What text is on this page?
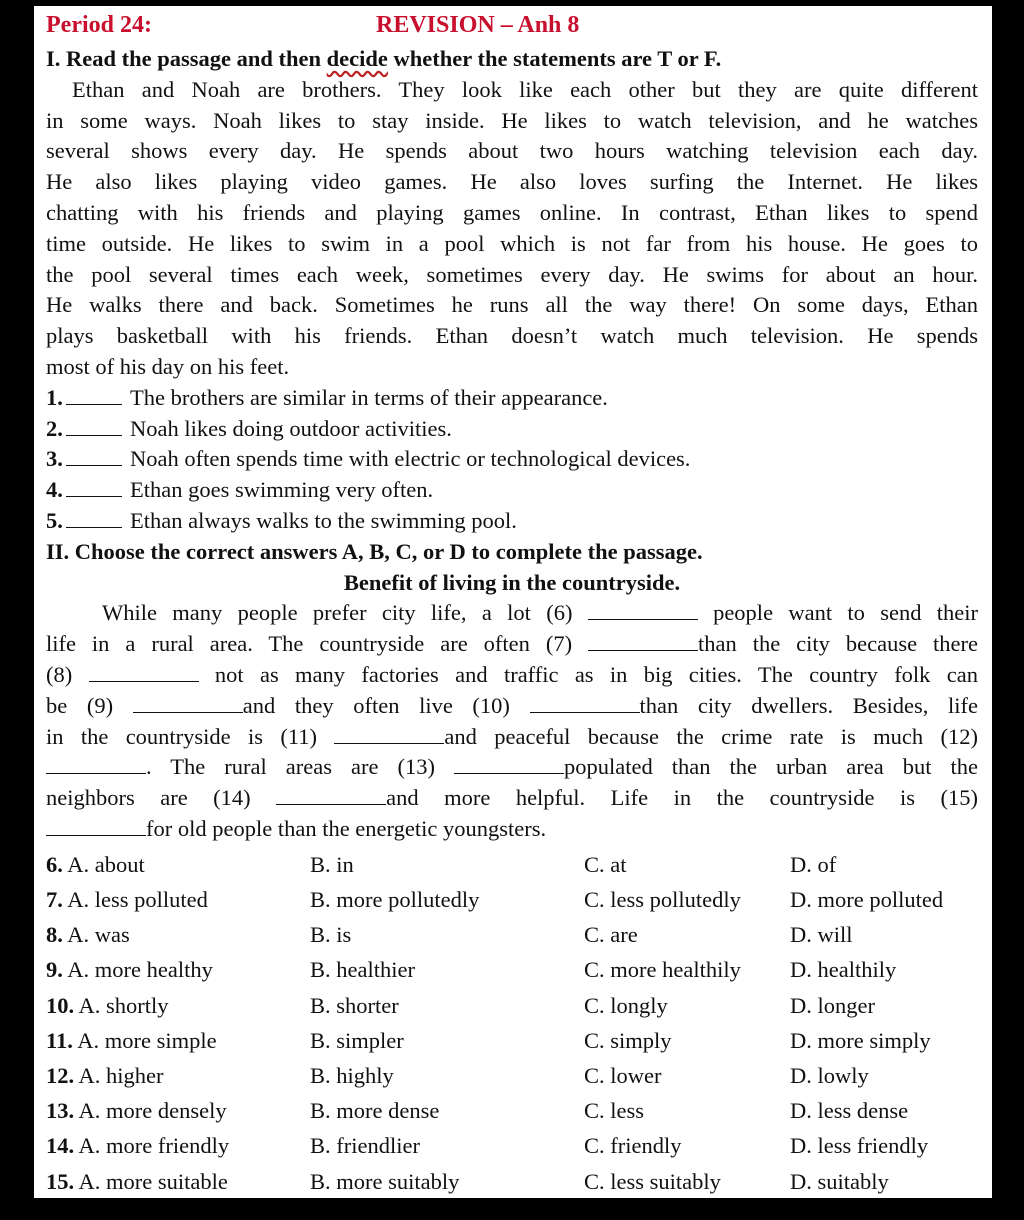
Period 24:	REVISION – Anh 8
I. Read the passage and then decide whether the statements are T or F.
Ethan and Noah are brothers. They look like each other but they are quite different
in some ways. Noah likes to stay inside. He likes to watch television, and he watches
several shows every day. He spends about two hours watching television each day.
He also likes playing video games. He also loves surfing the Internet. He likes
chatting with his friends and playing games online. In contrast, Ethan likes to spend
time outside. He likes to swim in a pool which is not far from his house. He goes to
the pool several times each week, sometimes every day. He swims for about an hour.
He walks there and back. Sometimes he runs all the way there! On some days, Ethan
plays basketball with his friends. Ethan doesn’t watch much television. He spends
most of his day on his feet.
1.	The brothers are similar in terms of their appearance.
2.	Noah likes doing outdoor activities.
3.	Noah often spends time with electric or technological devices.
4.	Ethan goes swimming very often.
5.	Ethan always walks to the swimming pool.
II. Choose the correct answers A, B, C, or D to complete the passage.
Benefit of living in the countryside.
While many people prefer city life, a lot (6)	people want to send their
life in a rural area. The countryside are often (7)	than the city because there
(8)	not as many factories and traffic as in big cities. The country folk can
be (9)	and they often live (10)	than city dwellers. Besides, life
in the countryside is (11)	and peaceful because the crime rate is much (12)
. The rural areas are (13)	populated than the urban area but the
neighbors are (14)	and more helpful. Life in the countryside is (15)
for old people than the energetic youngsters.
6. A. about	B. in	C. at	D. of
7. A. less polluted	B. more pollutedly	C. less pollutedly	D. more polluted
8. A. was	B. is	C. are	D. will
9. A. more healthy	B. healthier	C. more healthily	D. healthily
10. A. shortly	B. shorter	C. longly	D. longer
11. A. more simple	B. simpler	C. simply	D. more simply
12. A. higher	B. highly	C. lower	D. lowly
13. A. more densely	B. more dense	C. less	D. less dense
14. A. more friendly	B. friendlier	C. friendly	D. less friendly
15. A. more suitable	B. more suitably	C. less suitably	D. suitably
